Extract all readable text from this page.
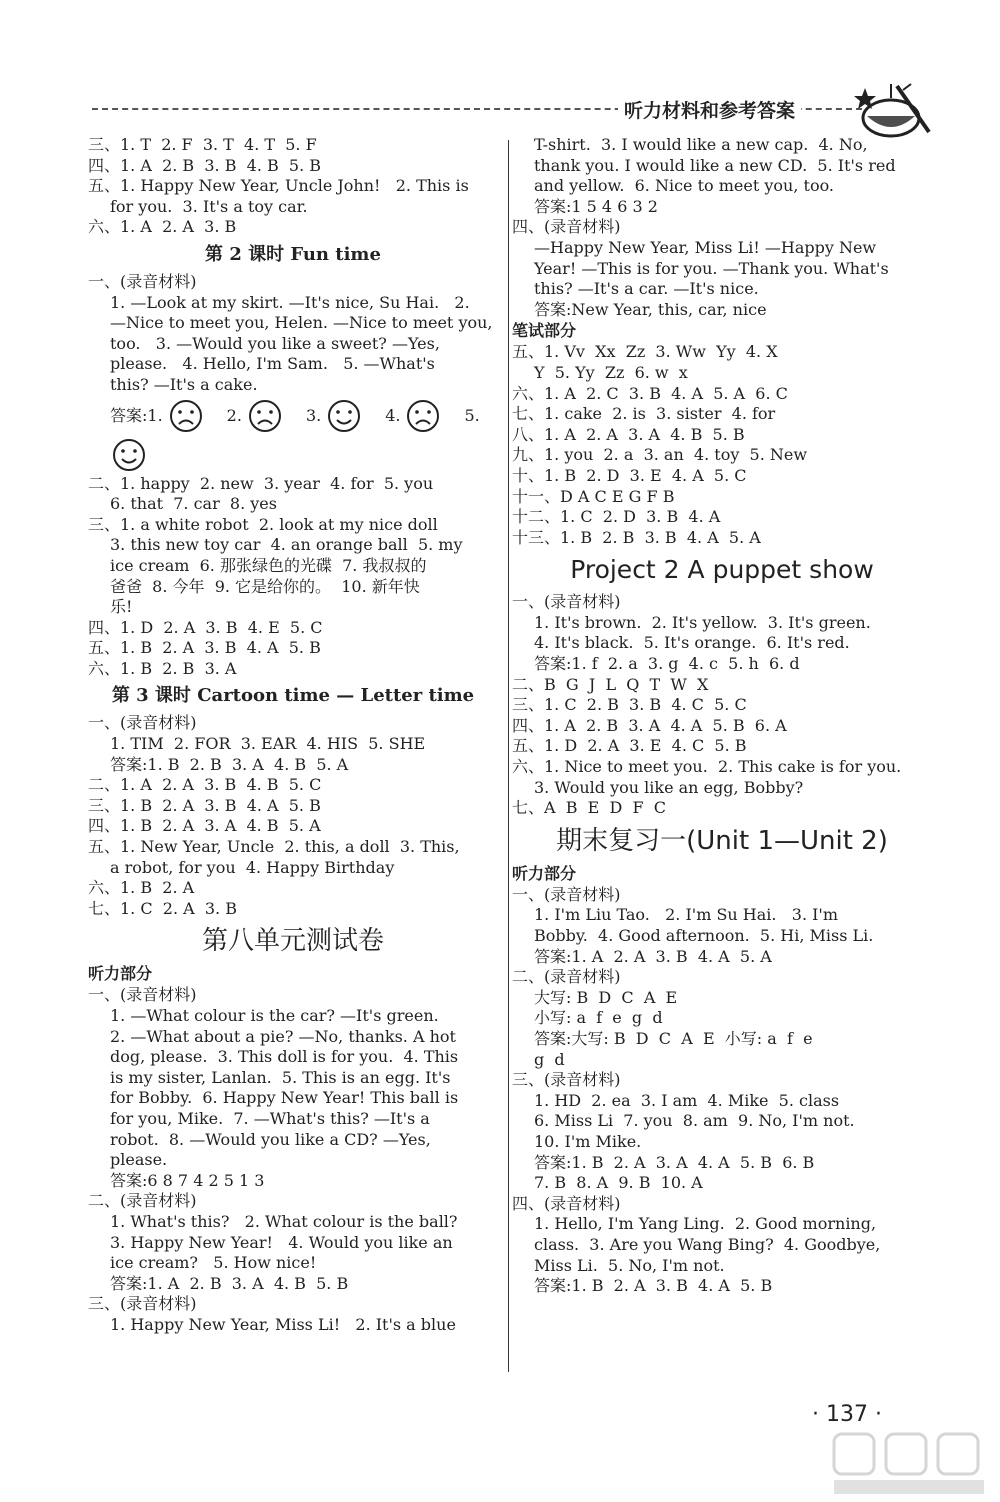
听力材料和参考答案
三、1. T  2. F  3. T  4. T  5. F
四、1. A  2. B  3. B  4. B  5. B
五、1. Happy New Year, Uncle John!   2. This is
for you.  3. It's a toy car.
六、1. A  2. A  3. B
第 2 课时 Fun time
一、(录音材料)
1. —Look at my skirt. —It's nice, Su Hai.   2.
—Nice to meet you, Helen. —Nice to meet you,
too.   3. —Would you like a sweet? —Yes,
please.   4. Hello, I'm Sam.   5. —What's
this? —It's a cake.
答案:1.	2.	3.	4.	5.
二、1. happy  2. new  3. year  4. for  5. you
6. that  7. car  8. yes
三、1. a white robot  2. look at my nice doll
3. this new toy car  4. an orange ball  5. my
ice cream  6. 那张绿色的光碟  7. 我叔叔的
爸爸  8. 今年  9. 它是给你的。  10. 新年快
乐!
四、1. D  2. A  3. B  4. E  5. C
五、1. B  2. A  3. B  4. A  5. B
六、1. B  2. B  3. A
第 3 课时 Cartoon time — Letter time
一、(录音材料)
1. TIM  2. FOR  3. EAR  4. HIS  5. SHE
答案:1. B  2. B  3. A  4. B  5. A
二、1. A  2. A  3. B  4. B  5. C
三、1. B  2. A  3. B  4. A  5. B
四、1. B  2. A  3. A  4. B  5. A
五、1. New Year, Uncle  2. this, a doll  3. This,
a robot, for you  4. Happy Birthday
六、1. B  2. A
七、1. C  2. A  3. B
第八单元测试卷
听力部分
一、(录音材料)
1. —What colour is the car? —It's green.
2. —What about a pie? —No, thanks. A hot
dog, please.  3. This doll is for you.  4. This
is my sister, Lanlan.  5. This is an egg. It's
for Bobby.  6. Happy New Year! This ball is
for you, Mike.  7. —What's this? —It's a
robot.  8. —Would you like a CD? —Yes,
please.
答案:6 8 7 4 2 5 1 3
二、(录音材料)
1. What's this?   2. What colour is the ball?
3. Happy New Year!   4. Would you like an
ice cream?   5. How nice!
答案:1. A  2. B  3. A  4. B  5. B
三、(录音材料)
1. Happy New Year, Miss Li!   2. It's a blue
T-shirt.  3. I would like a new cap.  4. No,
thank you. I would like a new CD.  5. It's red
and yellow.  6. Nice to meet you, too.
答案:1 5 4 6 3 2
四、(录音材料)
—Happy New Year, Miss Li! —Happy New
Year! —This is for you. —Thank you. What's
this? —It's a car. —It's nice.
答案:New Year, this, car, nice
笔试部分
五、1. Vv  Xx  Zz  3. Ww  Yy  4. X
Y  5. Yy  Zz  6. w  x
六、1. A  2. C  3. B  4. A  5. A  6. C
七、1. cake  2. is  3. sister  4. for
八、1. A  2. A  3. A  4. B  5. B
九、1. you  2. a  3. an  4. toy  5. New
十、1. B  2. D  3. E  4. A  5. C
十一、D A C E G F B
十二、1. C  2. D  3. B  4. A
十三、1. B  2. B  3. B  4. A  5. A
Project 2 A puppet show
一、(录音材料)
1. It's brown.  2. It's yellow.  3. It's green.
4. It's black.  5. It's orange.  6. It's red.
答案:1. f  2. a  3. g  4. c  5. h  6. d
二、B  G  J  L  Q  T  W  X
三、1. C  2. B  3. B  4. C  5. C
四、1. A  2. B  3. A  4. A  5. B  6. A
五、1. D  2. A  3. E  4. C  5. B
六、1. Nice to meet you.  2. This cake is for you.
3. Would you like an egg, Bobby?
七、A  B  E  D  F  C
期末复习一(Unit 1—Unit 2)
听力部分
一、(录音材料)
1. I'm Liu Tao.   2. I'm Su Hai.   3. I'm
Bobby.  4. Good afternoon.  5. Hi, Miss Li.
答案:1. A  2. A  3. B  4. A  5. A
二、(录音材料)
大写: B  D  C  A  E
小写: a  f  e  g  d
答案:大写: B  D  C  A  E  小写: a  f  e
g  d
三、(录音材料)
1. HD  2. ea  3. I am  4. Mike  5. class
6. Miss Li  7. you  8. am  9. No, I'm not.
10. I'm Mike.
答案:1. B  2. A  3. A  4. A  5. B  6. B
7. B  8. A  9. B  10. A
四、(录音材料)
1. Hello, I'm Yang Ling.  2. Good morning,
class.  3. Are you Wang Bing?  4. Goodbye,
Miss Li.  5. No, I'm not.
答案:1. B  2. A  3. B  4. A  5. B
· 137 ·
